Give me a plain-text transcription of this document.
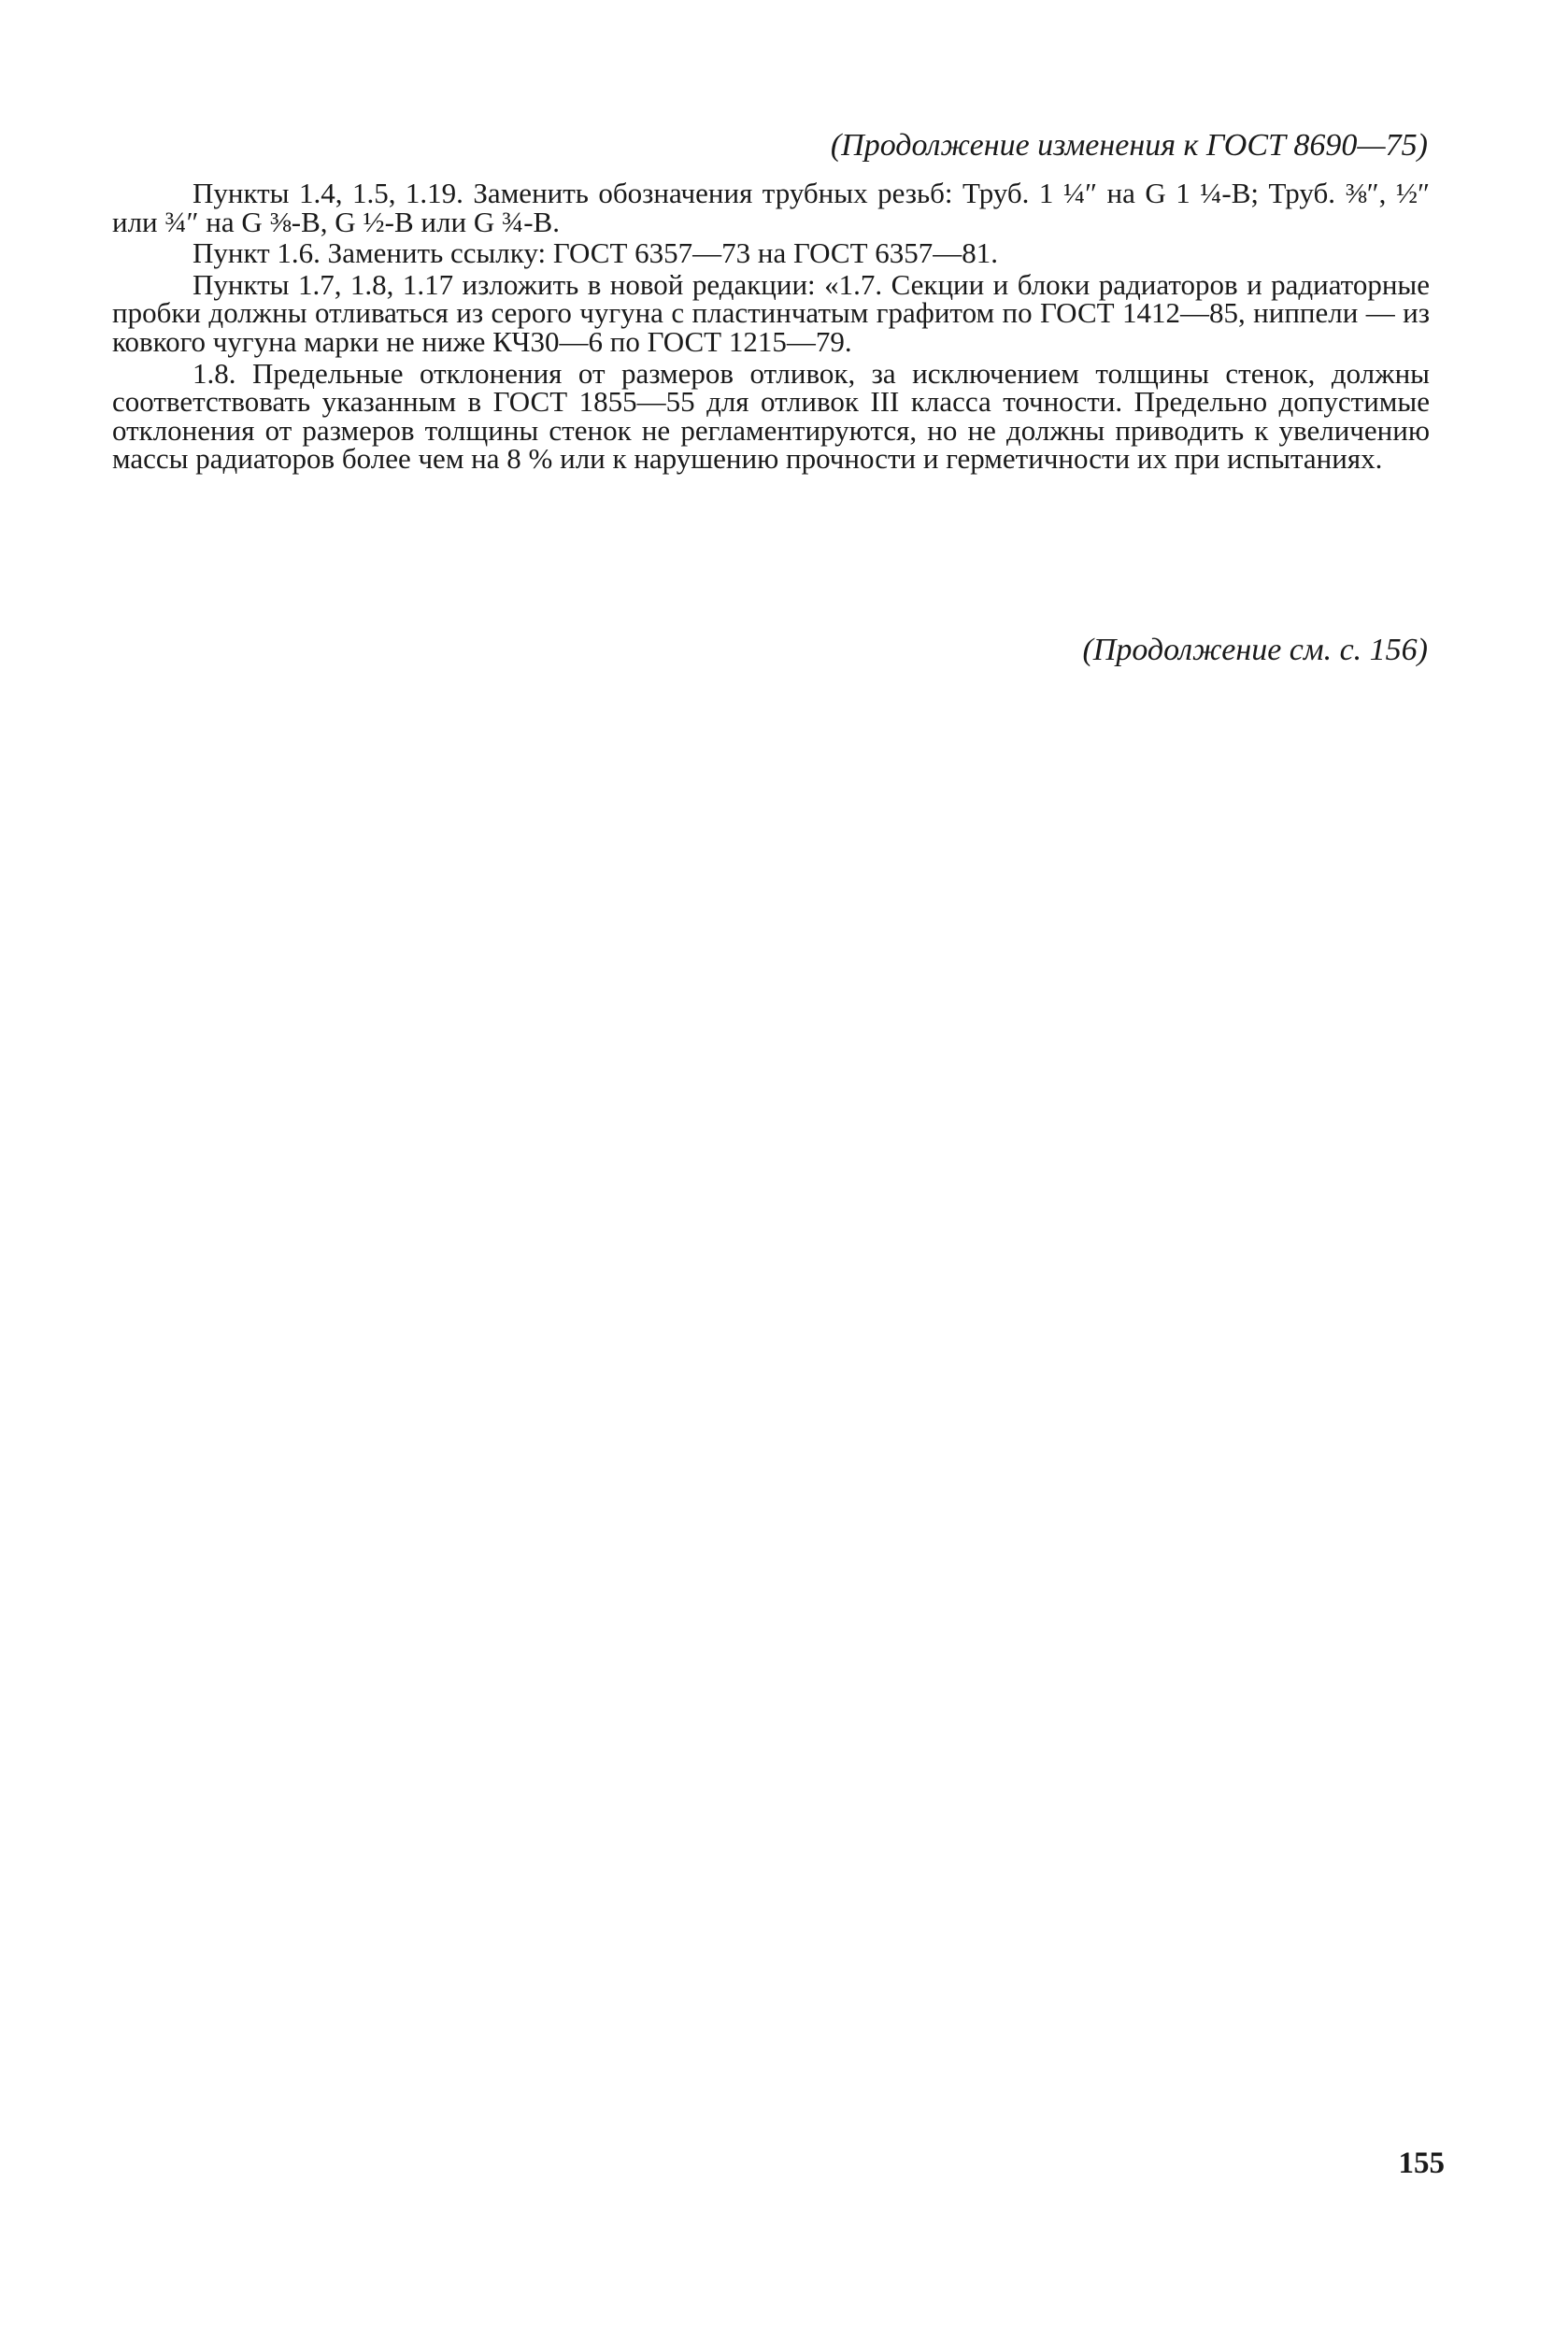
(Продолжение изменения к ГОСТ 8690—75)

Пункты 1.4, 1.5, 1.19. Заменить обозначения трубных резьб: Труб. 1 ¼″ на G 1 ¼-В; Труб. ⅜″, ½″ или ¾″ на G ⅜-В, G ½-В или G ¾-В.

Пункт 1.6. Заменить ссылку: ГОСТ 6357—73 на ГОСТ 6357—81.

Пункты 1.7, 1.8, 1.17 изложить в новой редакции: «1.7. Секции и блоки радиаторов и радиаторные пробки должны отливаться из серого чугуна с пластинчатым графитом по ГОСТ 1412—85, ниппели — из ковкого чугуна марки не ниже КЧ30—6 по ГОСТ 1215—79.

1.8. Предельные отклонения от размеров отливок, за исключением толщины стенок, должны соответствовать указанным в ГОСТ 1855—55 для отливок III класса точности. Предельно допустимые отклонения от размеров толщины стенок не регламентируются, но не должны приводить к увеличению массы радиаторов более чем на 8 % или к нарушению прочности и герметичности их при испытаниях.

(Продолжение см. с. 156)
155
